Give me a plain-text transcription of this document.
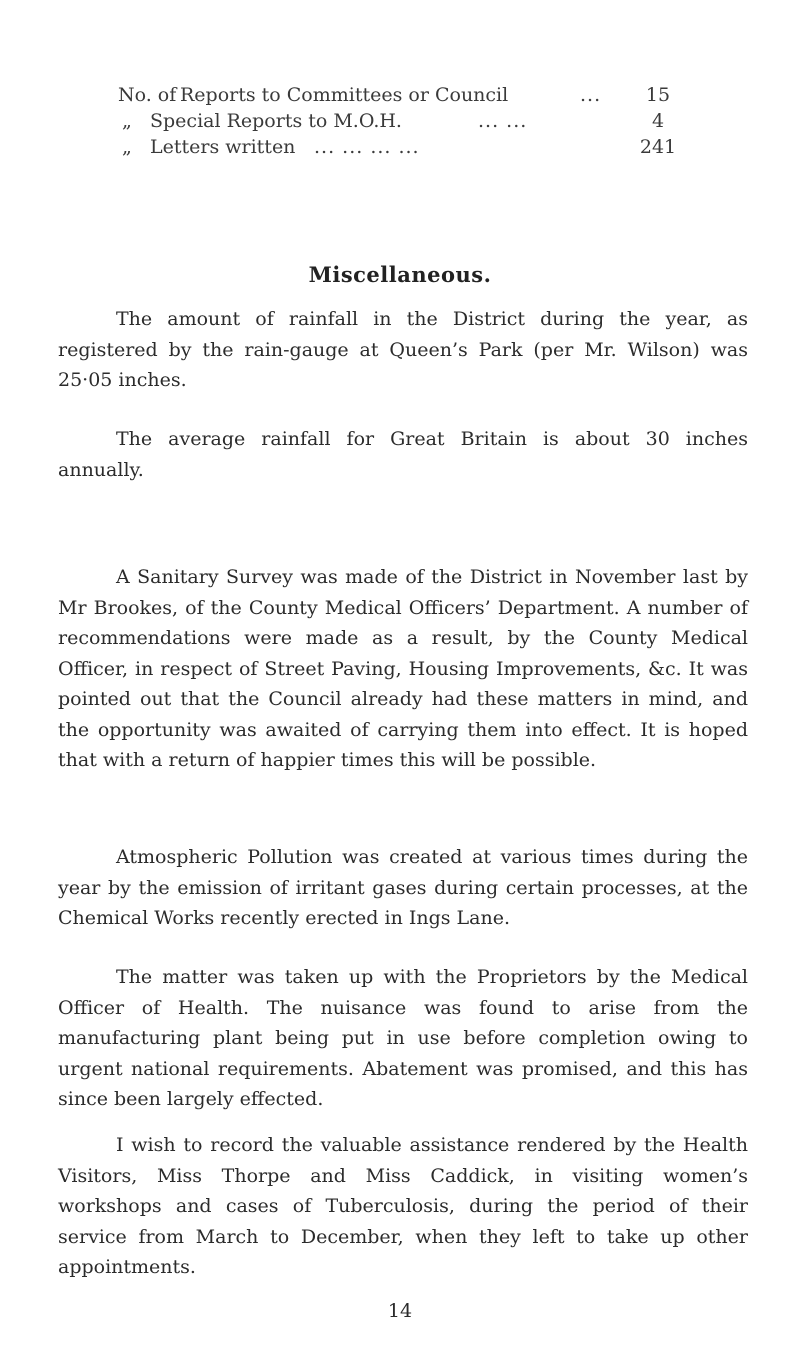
No. of Reports to Committees or Council	...	15
„ Special Reports to M.O.H.	... ...	4
„ Letters written ... ... ... ...	241
Miscellaneous.

The amount of rainfall in the District during the year, as registered by the rain-gauge at Queen’s Park (per Mr. Wilson) was 25·05 inches.

The average rainfall for Great Britain is about 30 inches annually.

A Sanitary Survey was made of the District in November last by Mr Brookes, of the County Medical Officers’ Department. A number of recommendations were made as a result, by the County Medical Officer, in respect of Street Paving, Housing Improvements, &c. It was pointed out that the Council already had these matters in mind, and the opportunity was awaited of carrying them into effect. It is hoped that with a return of happier times this will be possible.

Atmospheric Pollution was created at various times during the year by the emission of irritant gases during certain processes, at the Chemical Works recently erected in Ings Lane.

The matter was taken up with the Proprietors by the Medical Officer of Health. The nuisance was found to arise from the manufacturing plant being put in use before completion owing to urgent national requirements. Abatement was promised, and this has since been largely effected.

I wish to record the valuable assistance rendered by the Health Visitors, Miss Thorpe and Miss Caddick, in visiting women’s workshops and cases of Tuberculosis, during the period of their service from March to December, when they left to take up other appointments.

14
